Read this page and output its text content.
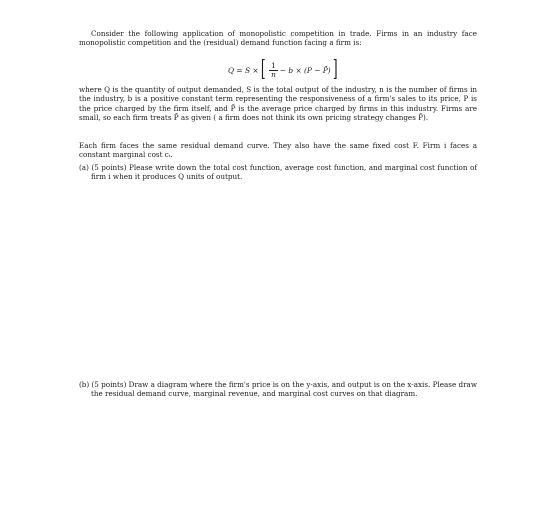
Consider the following application of monopolistic competition in trade. Firms in an industry face monopolistic competition and the (residual) demand function facing a firm is:

Q = S × [ $\frac{1}{n} - b \times (P$ − P̄) ]

where Q is the quantity of output demanded, S is the total output of the industry, n is the number of firms in the industry, b is a positive constant term representing the responsiveness of a firm's sales to its price, P is the price charged by the firm itself, and P̄ is the average price charged by firms in this industry. Firms are small, so each firm treats P̄ as given ( a firm does not think its own pricing strategy changes P̄).

Each firm faces the same residual demand curve. They also have the same fixed cost F. Firm i faces a constant marginal cost cᵢ.

(a) (5 points) Please write down the total cost function, average cost function, and marginal cost function of firm i when it produces Q units of output.

(b) (5 points) Draw a diagram where the firm's price is on the y-axis, and output is on the x-axis. Please draw the residual demand curve, marginal revenue, and marginal cost curves on that diagram.
